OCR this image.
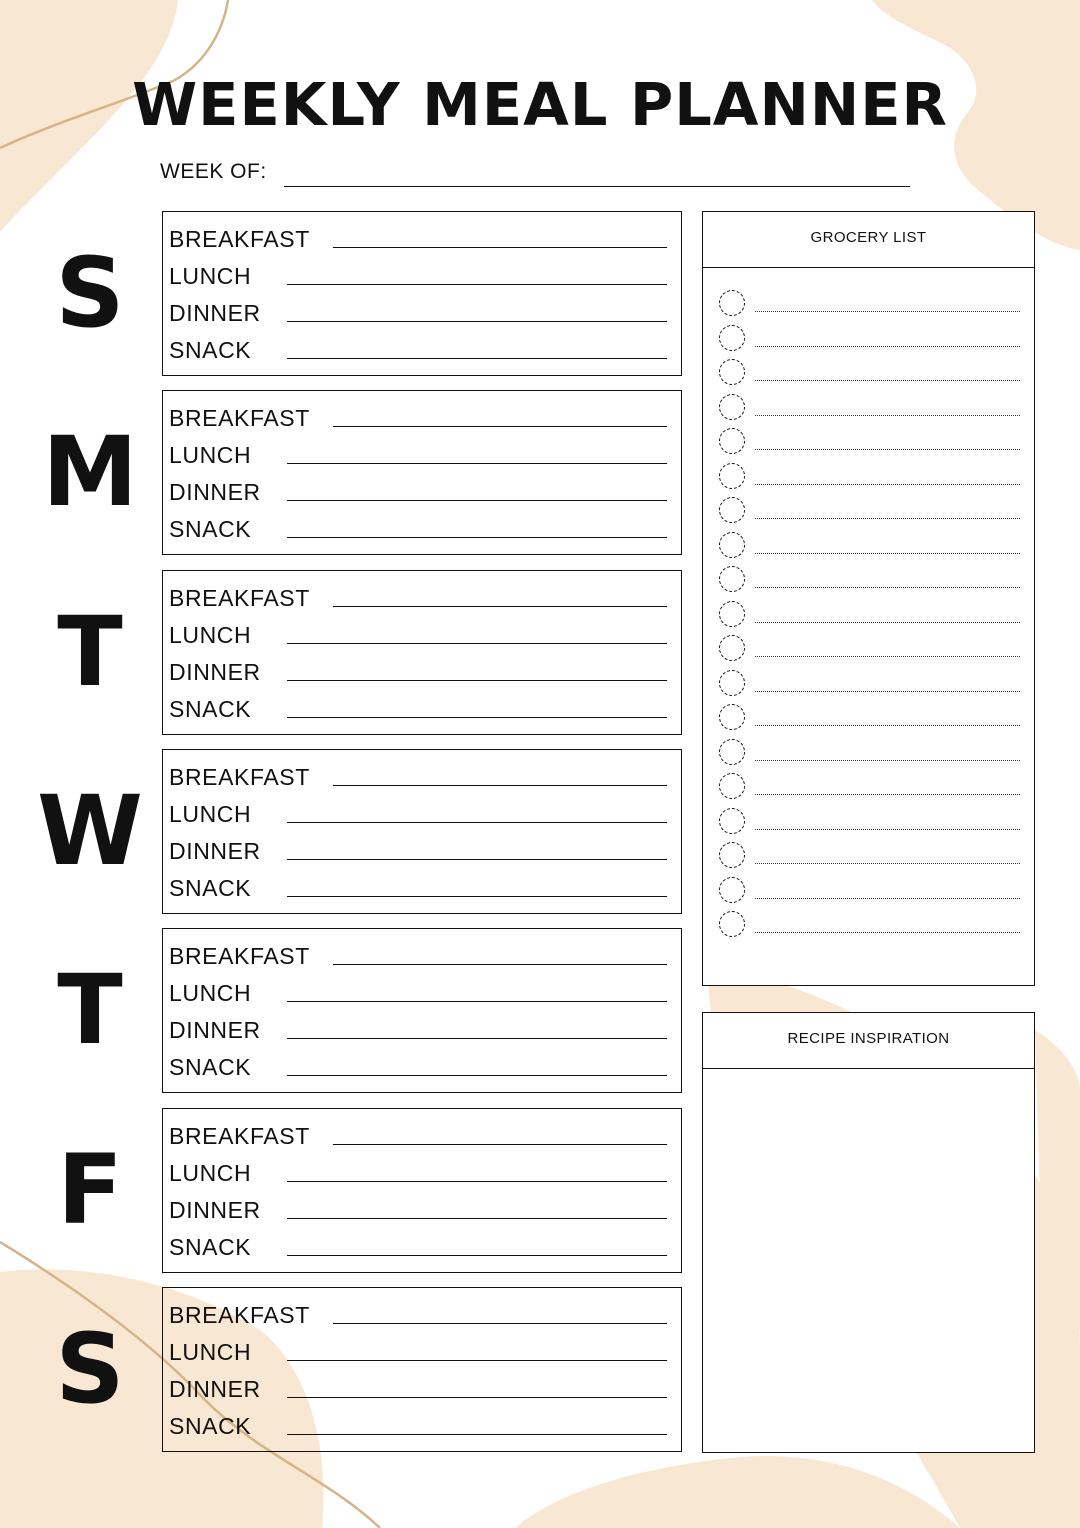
WEEKLY MEAL PLANNER
WEEK OF:
S	BREAKFAST
LUNCH
DINNER
SNACK
M	BREAKFAST
LUNCH
DINNER
SNACK
T	BREAKFAST
LUNCH
DINNER
SNACK
W	BREAKFAST
LUNCH
DINNER
SNACK
T	BREAKFAST
LUNCH
DINNER
SNACK
F	BREAKFAST
LUNCH
DINNER
SNACK
S	BREAKFAST
LUNCH
DINNER
SNACK
GROCERY LIST
RECIPE INSPIRATION
